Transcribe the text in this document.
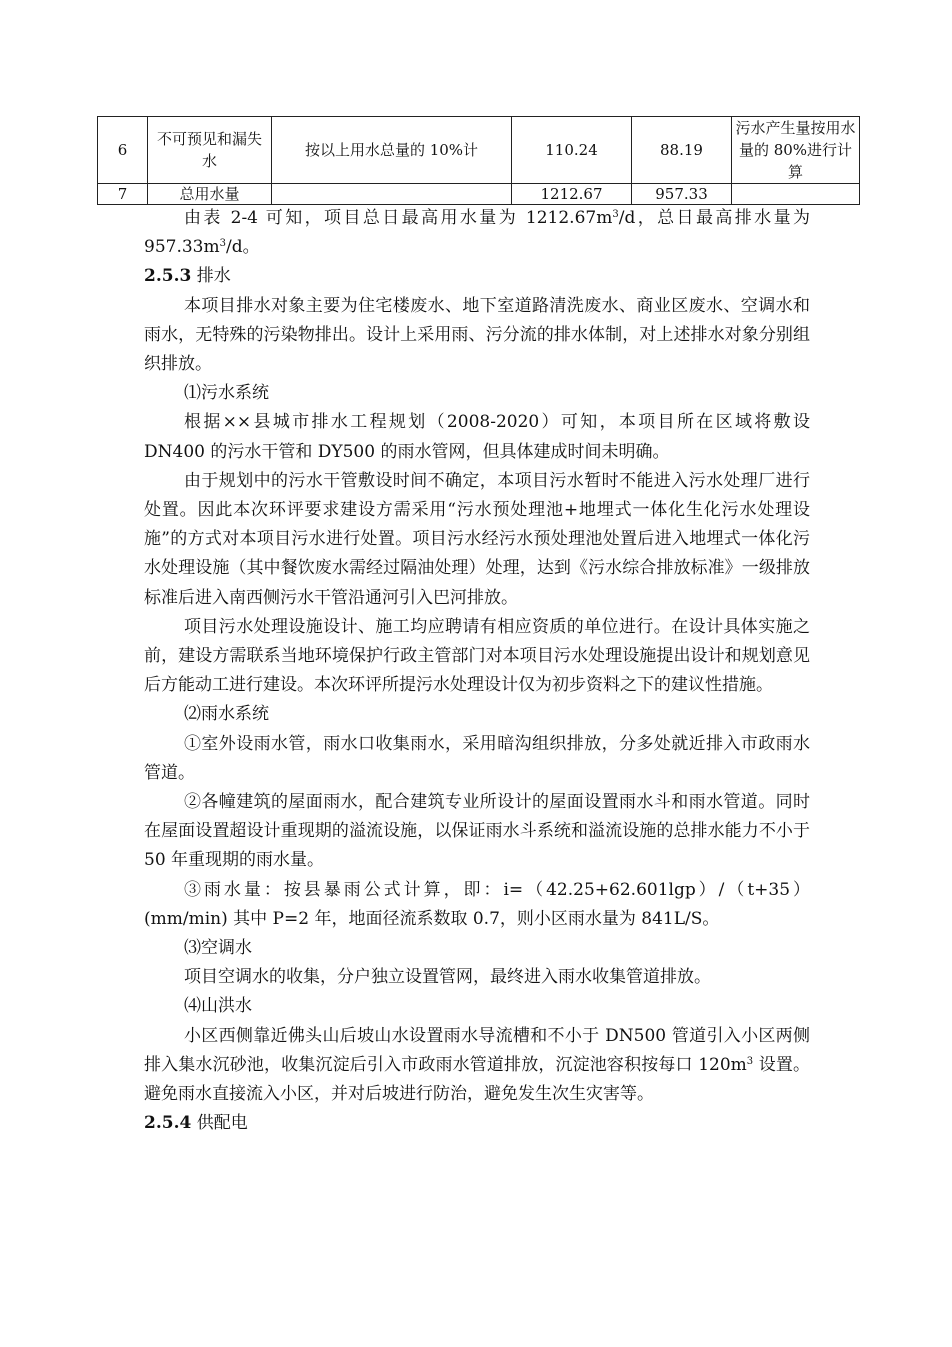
6	不可预见和漏失水	按以上用水总量的 10%计	110.24	88.19	污水产生量按用水量的 80%进行计算
7	总用水量		1212.67	957.33	

由表 2-4 可知，项目总日最高用水量为 $1212.67m^3/d$，总日最高排水量为 $957.33m^3/d$。

2.5.3 排水

本项目排水对象主要为住宅楼废水、地下室道路清洗废水、商业区废水、空调水和雨水，无特殊的污染物排出。设计上采用雨、污分流的排水体制，对上述排水对象分别组织排放。

⑴污水系统

根据××县城市排水工程规划（2008-2020）可知，本项目所在区域将敷设 DN400 的污水干管和 DY500 的雨水管网，但具体建成时间未明确。

由于规划中的污水干管敷设时间不确定，本项目污水暂时不能进入污水处理厂进行处置。因此本次环评要求建设方需采用“污水预处理池+地埋式一体化生化污水处理设施”的方式对本项目污水进行处置。项目污水经污水预处理池处置后进入地埋式一体化污水处理设施（其中餐饮废水需经过隔油处理）处理，达到《污水综合排放标准》一级排放标准后进入南西侧污水干管沿通河引入巴河排放。

项目污水处理设施设计、施工均应聘请有相应资质的单位进行。在设计具体实施之前，建设方需联系当地环境保护行政主管部门对本项目污水处理设施提出设计和规划意见后方能动工进行建设。本次环评所提污水处理设计仅为初步资料之下的建议性措施。

⑵雨水系统

①室外设雨水管，雨水口收集雨水，采用暗沟组织排放，分多处就近排入市政雨水管道。

②各幢建筑的屋面雨水，配合建筑专业所设计的屋面设置雨水斗和雨水管道。同时在屋面设置超设计重现期的溢流设施，以保证雨水斗系统和溢流设施的总排水能力不小于 50 年重现期的雨水量。

③雨水量：按县暴雨公式计算，即：i=（42.25+62.601lgp）/（t+35）(mm/min) 其中 P=2 年，地面径流系数取 0.7，则小区雨水量为 841L/S。

⑶空调水

项目空调水的收集，分户独立设置管网，最终进入雨水收集管道排放。

⑷山洪水

小区西侧靠近佛头山后坡山水设置雨水导流槽和不小于 DN500 管道引入小区两侧排入集水沉砂池，收集沉淀后引入市政雨水管道排放，沉淀池容积按每口 $120m^3$ 设置。避免雨水直接流入小区，并对后坡进行防治，避免发生次生灾害等。

2.5.4 供配电
